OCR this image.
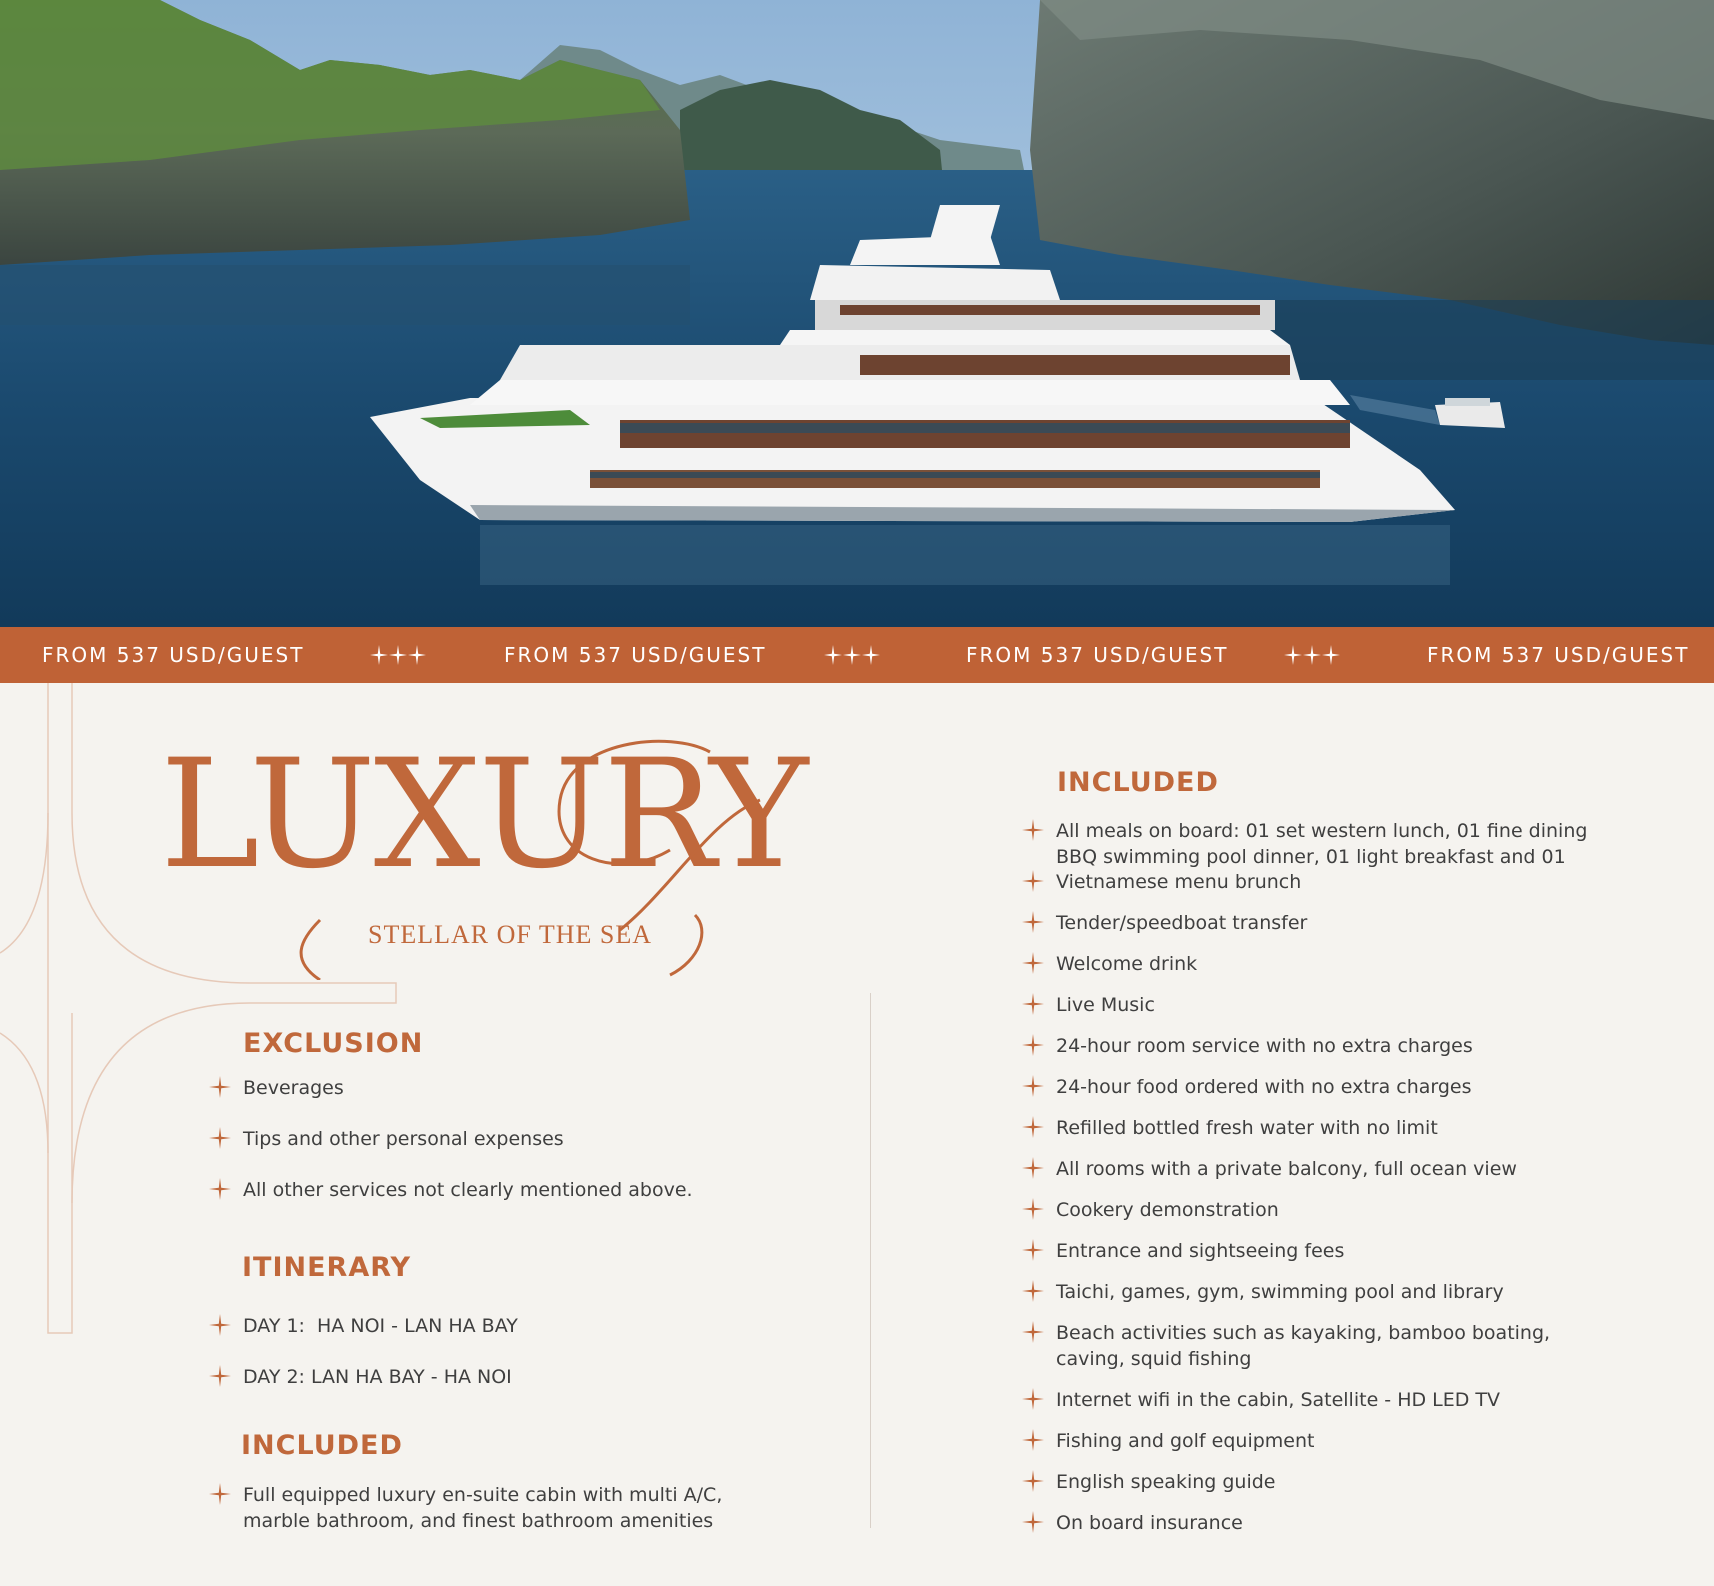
FROM 537 USD/GUEST	FROM 537 USD/GUEST	FROM 537 USD/GUEST	FROM 537 USD/GUEST
LUXURY
STELLAR OF THE SEA
EXCLUSION
Beverages
Tips and other personal expenses
All other services not clearly mentioned above.
ITINERARY
DAY 1:  HA NOI - LAN HA BAY
DAY 2: LAN HA BAY - HA NOI
INCLUDED
Full equipped luxury en-suite cabin with multi A/C,
marble bathroom, and finest bathroom amenities
INCLUDED
All meals on board: 01 set western lunch, 01 fine dining
BBQ swimming pool dinner, 01 light breakfast and 01
Vietnamese menu brunch
Tender/speedboat transfer
Welcome drink
Live Music
24-hour room service with no extra charges
24-hour food ordered with no extra charges
Refilled bottled fresh water with no limit
All rooms with a private balcony, full ocean view
Cookery demonstration
Entrance and sightseeing fees
Taichi, games, gym, swimming pool and library
Beach activities such as kayaking, bamboo boating,
caving, squid fishing
Internet wifi in the cabin, Satellite - HD LED TV
Fishing and golf equipment
English speaking guide
On board insurance
